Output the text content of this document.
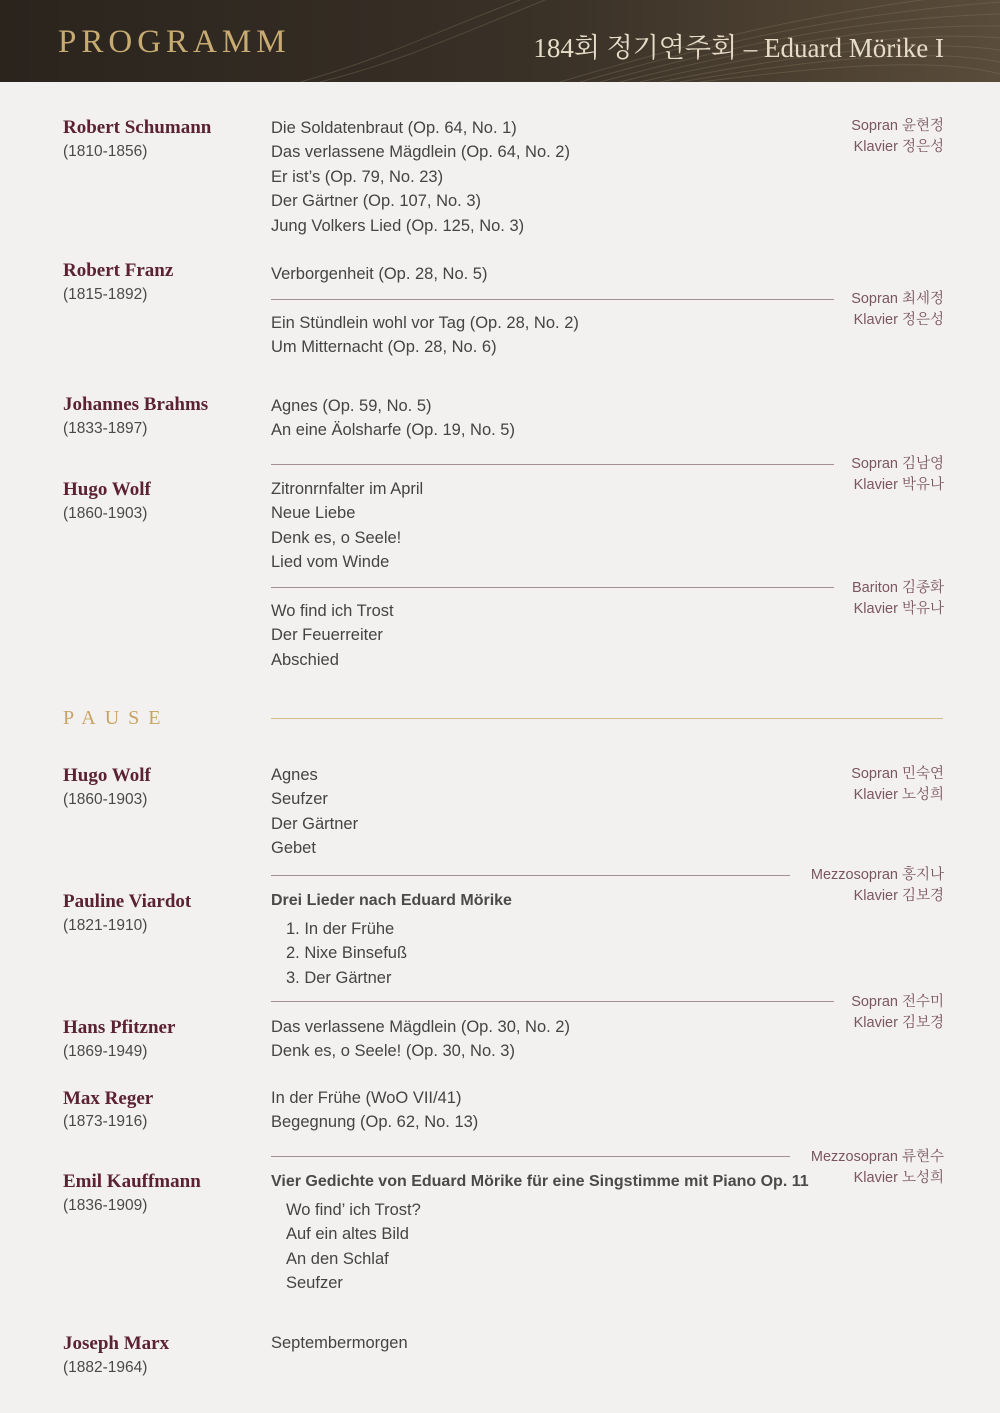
PROGRAMM	184회 정기연주회 – Eduard Mörike I
Robert Schumann
(1810-1856)
Robert Franz
(1815-1892)
Johannes Brahms
(1833-1897)
Hugo Wolf
(1860-1903)
Hugo Wolf
(1860-1903)
Pauline Viardot
(1821-1910)
Hans Pfitzner
(1869-1949)
Max Reger
(1873-1916)
Emil Kauffmann
(1836-1909)
Joseph Marx
(1882-1964)
Die Soldatenbraut (Op. 64, No. 1)
Das verlassene Mägdlein (Op. 64, No. 2)
Er ist’s (Op. 79, No. 23)
Der Gärtner (Op. 107, No. 3)
Jung Volkers Lied (Op. 125, No. 3)
Verborgenheit (Op. 28, No. 5)
Ein Stündlein wohl vor Tag (Op. 28, No. 2)
Um Mitternacht (Op. 28, No. 6)
Agnes (Op. 59, No. 5)
An eine Äolsharfe (Op. 19, No. 5)
Zitronrnfalter im April
Neue Liebe
Denk es, o Seele!
Lied vom Winde
Wo find ich Trost
Der Feuerreiter
Abschied
Agnes
Seufzer
Der Gärtner
Gebet
Drei Lieder nach Eduard Mörike
1. In der Frühe
2. Nixe Binsefuß
3. Der Gärtner
Das verlassene Mägdlein (Op. 30, No. 2)
Denk es, o Seele! (Op. 30, No. 3)
In der Frühe (WoO VII/41)
Begegnung (Op. 62, No. 13)
Vier Gedichte von Eduard Mörike für eine Singstimme mit Piano Op. 11
Wo find’ ich Trost?
Auf ein altes Bild
An den Schlaf
Seufzer
Septembermorgen
Sopran 윤현정
Klavier 정은성
Sopran 최세정
Klavier 정은성
Sopran 김남영
Klavier 박유나
Bariton 김종화
Klavier 박유나
Sopran 민숙연
Klavier 노성희
Mezzosopran 홍지나
Klavier 김보경
Sopran 전수미
Klavier 김보경
Mezzosopran 류현수
Klavier 노성희
PAUSE
